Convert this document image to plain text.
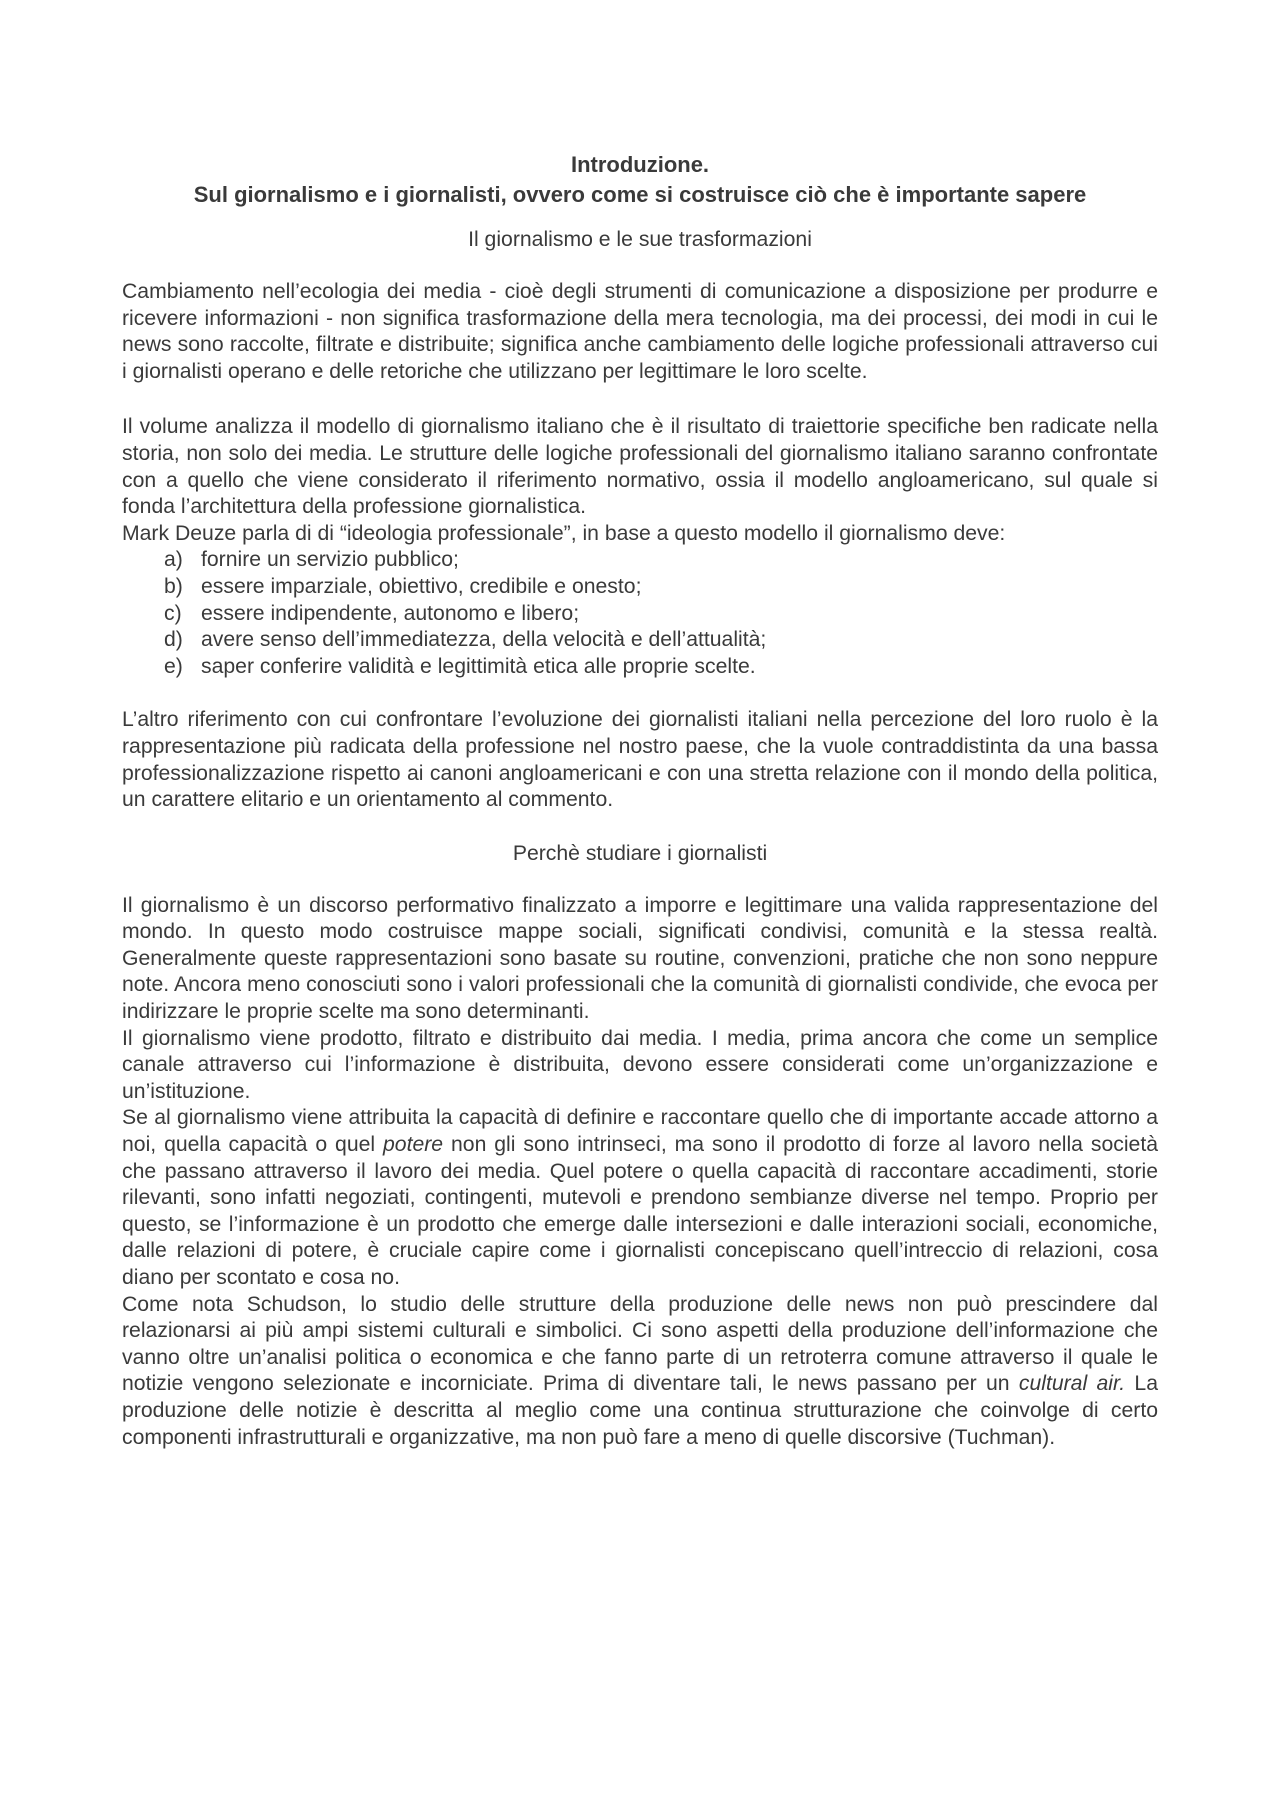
Introduzione.
Sul giornalismo e i giornalisti, ovvero come si costruisce ciò che è importante sapere
Il giornalismo e le sue trasformazioni

Cambiamento nell’ecologia dei media - cioè degli strumenti di comunicazione a disposizione per produrre e ricevere informazioni - non significa trasformazione della mera tecnologia, ma dei processi, dei modi in cui le news sono raccolte, filtrate e distribuite; significa anche cambiamento delle logiche professionali attraverso cui i giornalisti operano e delle retoriche che utilizzano per legittimare le loro scelte.

Il volume analizza il modello di giornalismo italiano che è il risultato di traiettorie specifiche ben radicate nella storia, non solo dei media. Le strutture delle logiche professionali del giornalismo italiano saranno confrontate con a quello che viene considerato il riferimento normativo, ossia il modello angloamericano, sul quale si fonda l’architettura della professione giornalistica.

Mark Deuze parla di di “ideologia professionale”, in base a questo modello il giornalismo deve:

a) fornire un servizio pubblico;
b) essere imparziale, obiettivo, credibile e onesto;
c) essere indipendente, autonomo e libero;
d) avere senso dell’immediatezza, della velocità e dell’attualità;
e) saper conferire validità e legittimità etica alle proprie scelte.

L’altro riferimento con cui confrontare l’evoluzione dei giornalisti italiani nella percezione del loro ruolo è la rappresentazione più radicata della professione nel nostro paese, che la vuole contraddistinta da una bassa professionalizzazione rispetto ai canoni angloamericani e con una stretta relazione con il mondo della politica, un carattere elitario e un orientamento al commento.

Perchè studiare i giornalisti

Il giornalismo è un discorso performativo finalizzato a imporre e legittimare una valida rappresentazione del mondo. In questo modo costruisce mappe sociali, significati condivisi, comunità e la stessa realtà. Generalmente queste rappresentazioni sono basate su routine, convenzioni, pratiche che non sono neppure note. Ancora meno conosciuti sono i valori professionali che la comunità di giornalisti condivide, che evoca per indirizzare le proprie scelte ma sono determinanti.

Il giornalismo viene prodotto, filtrato e distribuito dai media. I media, prima ancora che come un semplice canale attraverso cui l’informazione è distribuita, devono essere considerati come un’organizzazione e un’istituzione.

Se al giornalismo viene attribuita la capacità di definire e raccontare quello che di importante accade attorno a noi, quella capacità o quel potere non gli sono intrinseci, ma sono il prodotto di forze al lavoro nella società che passano attraverso il lavoro dei media. Quel potere o quella capacità di raccontare accadimenti, storie rilevanti, sono infatti negoziati, contingenti, mutevoli e prendono sembianze diverse nel tempo. Proprio per questo, se l’informazione è un prodotto che emerge dalle intersezioni e dalle interazioni sociali, economiche, dalle relazioni di potere, è cruciale capire come i giornalisti concepiscano quell’intreccio di relazioni, cosa diano per scontato e cosa no.

Come nota Schudson, lo studio delle strutture della produzione delle news non può prescindere dal relazionarsi ai più ampi sistemi culturali e simbolici. Ci sono aspetti della produzione dell’informazione che vanno oltre un’analisi politica o economica e che fanno parte di un retroterra comune attraverso il quale le notizie vengono selezionate e incorniciate. Prima di diventare tali, le news passano per un cultural air. La produzione delle notizie è descritta al meglio come una continua strutturazione che coinvolge di certo componenti infrastrutturali e organizzative, ma non può fare a meno di quelle discorsive (Tuchman).
